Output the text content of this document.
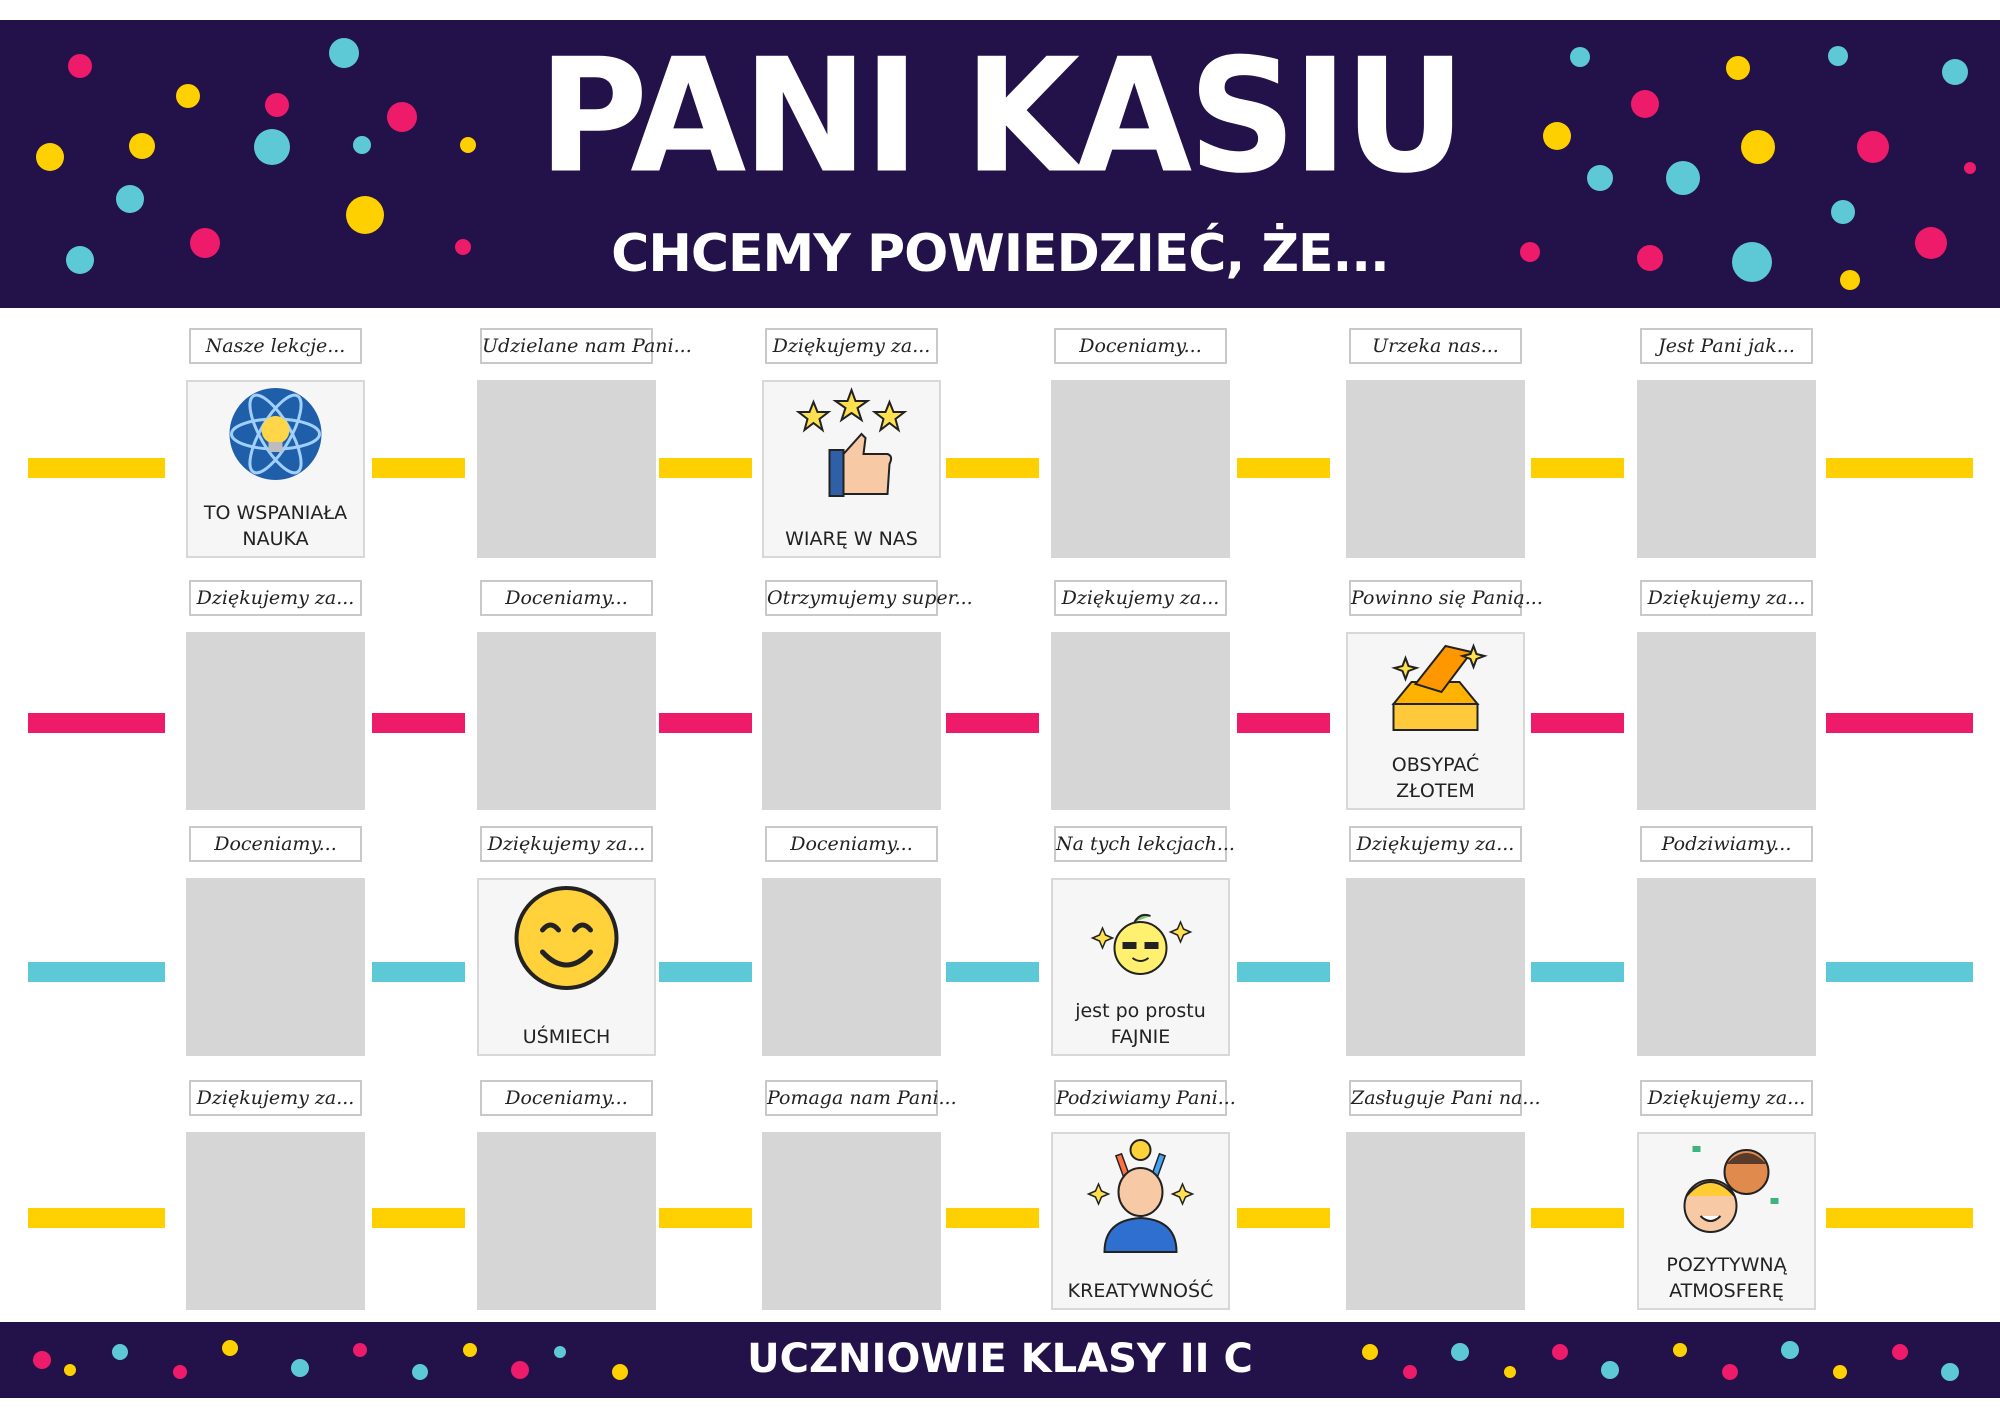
PANI KASIU
CHCEMY POWIEDZIEĆ, ŻE...
UCZNIOWIE KLASY II C
Nasze lekcje...
TO WSPANIAŁA
NAUKA
Udzielane nam Pani...	Dziękujemy za...
WIARĘ W NAS
Doceniamy...	Urzeka nas...	Jest Pani jak...
Dziękujemy za...	Doceniamy...	Otrzymujemy super...	Dziękujemy za...	Powinno się Panią...
OBSYPAĆ
ZŁOTEM
Dziękujemy za...
Doceniamy...	Dziękujemy za...
UŚMIECH
Doceniamy...	Na tych lekcjach...
jest po prostu
FAJNIE
Dziękujemy za...	Podziwiamy...
Dziękujemy za...	Doceniamy...	Pomaga nam Pani...	Podziwiamy Pani...
KREATYWNOŚĆ
Zasługuje Pani na...	Dziękujemy za...
POZYTYWNĄ
ATMOSFERĘ
